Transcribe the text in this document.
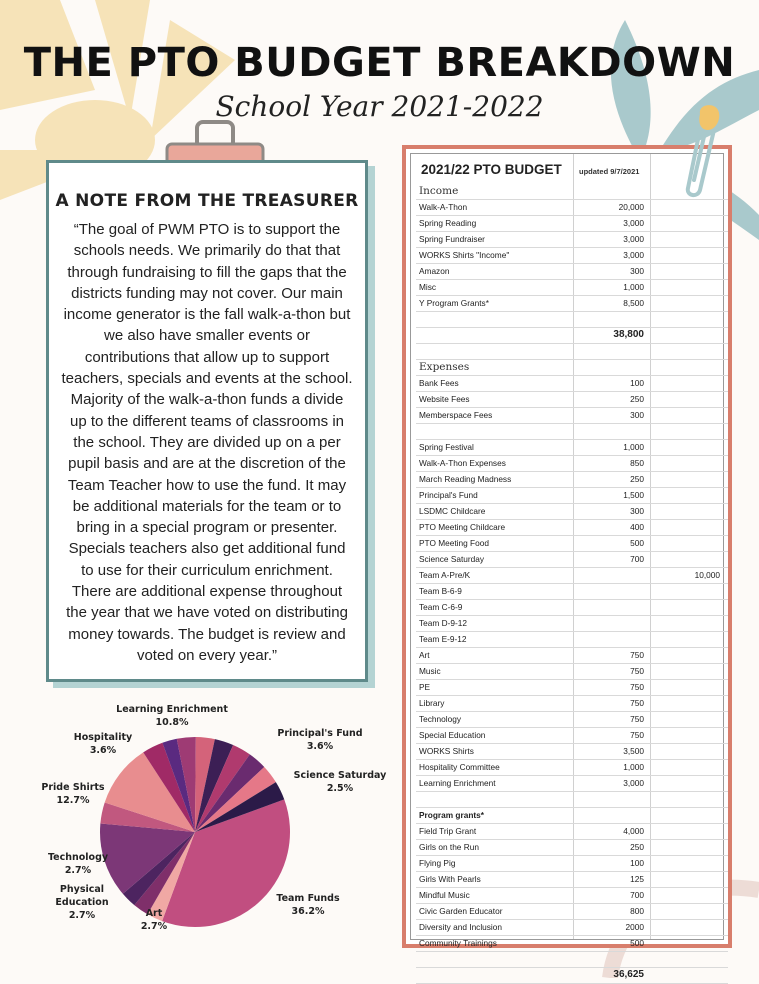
THE PTO BUDGET BREAKDOWN
School Year 2021-2022
A NOTE FROM THE TREASURER

“The goal of PWM PTO is to support the schools needs. We primarily do that that through fundraising to fill the gaps that the districts funding may not cover. Our main income generator is the fall walk-a-thon but we also have smaller events or contributions that allow up to support teachers, specials and events at the school. Majority of the walk-a-thon funds a divide up to the different teams of classrooms in the school. They are divided up on a per pupil basis and are at the discretion of the Team Teacher how to use the fund. It may be additional materials for the team or to bring in a special program or presenter. Specials teachers also get additional fund to use for their curriculum enrichment. There are additional expense throughout the year that we have voted on distributing money towards. The budget is review and voted on every year.”

Learning Enrichment
10.8%
Principal's Fund
3.6%
Hospitality
3.6%
Science Saturday
2.5%
Pride Shirts
12.7%
Technology
2.7%
Physical Education
2.7%	Art
2.7%
Team Funds
36.2%
2021/22 PTO BUDGET updated 9/7/2021
Income
Walk-A-Thon	20,000
Spring Reading	3,000
Spring Fundraiser	3,000
WORKS Shirts "Income"	3,000
Amazon	300
Misc	1,000
Y Program Grants*	8,500
38,800
Expenses
Bank Fees	100
Website Fees	250
Memberspace Fees	300
Spring Festival	1,000
Walk-A-Thon Expenses	850
March Reading Madness	250
Principal's Fund	1,500
LSDMC Childcare	300
PTO Meeting Childcare	400
PTO Meeting Food	500
Science Saturday	700
Team A-Pre/K	10,000
Team B-6-9
Team C-6-9
Team D-9-12
Team E-9-12
Art	750
Music	750
PE	750
Library	750
Technology	750
Special Education	750
WORKS Shirts	3,500
Hospitality Committee	1,000
Learning Enrichment	3,000
Program grants*
Field Trip Grant	4,000
Girls on the Run	250
Flying Pig	100
Girls With Pearls	125
Mindful Music	700
Civic Garden Educator	800
Diversity and Inclusion	2000
Community Trainings	500
36,625
